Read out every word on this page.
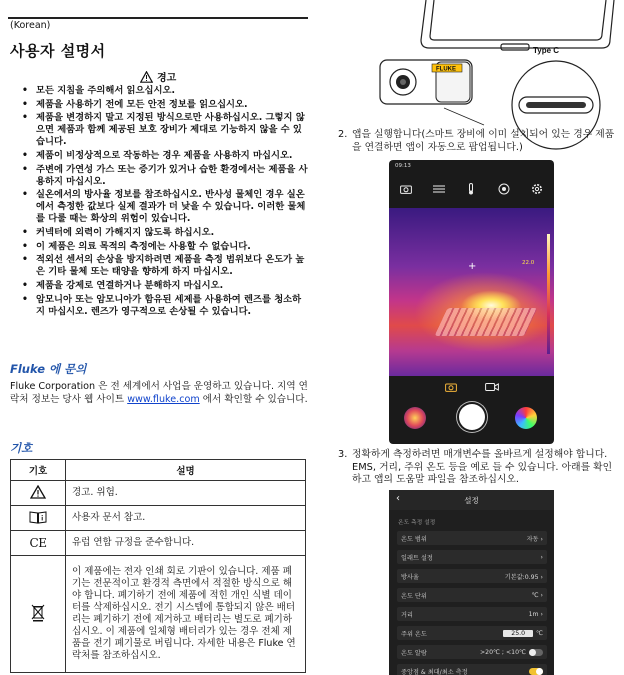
(Korean)
사용자 설명서
경고
• 모든 지침을 주의해서 읽으십시오.
• 제품을 사용하기 전에 모든 안전 정보를 읽으십시오.
• 제품을 변경하지 말고 지정된 방식으로만 사용하십시오. 그렇지 않으면 제품과 함께 제공된 보호 장비가 제대로 기능하지 않을 수 있습니다.
• 제품이 비정상적으로 작동하는 경우 제품을 사용하지 마십시오.
• 주변에 가연성 가스 또는 증기가 있거나 습한 환경에서는 제품을 사용하지 마십시오.
• 실온에서의 방사율 정보를 참조하십시오. 반사성 물체인 경우 실온에서 측정한 값보다 실제 결과가 더 낮을 수 있습니다. 이러한 물체를 다룰 때는 화상의 위험이 있습니다.
• 커넥터에 외력이 가해지지 않도록 하십시오.
• 이 제품은 의료 목적의 측정에는 사용할 수 없습니다.
• 적외선 센서의 손상을 방지하려면 제품을 측정 범위보다 온도가 높은 기타 물체 또는 태양을 향하게 하지 마십시오.
• 제품을 강제로 연결하거나 분해하지 마십시오.
• 암모니아 또는 암모니아가 함유된 세제를 사용하여 렌즈를 청소하지 마십시오. 렌즈가 영구적으로 손상될 수 있습니다.
Fluke 에 문의
Fluke Corporation 은 전 세계에서 사업을 운영하고 있습니다. 지역 연락처 정보는 당사 웹 사이트 www.fluke.com 에서 확인할 수 있습니다.
기호
기호	설명
	경고. 위험.
	사용자 문서 참고.
CE	유럽 연합 규정을 준수합니다.
	이 제품에는 전자 인쇄 회로 기판이 있습니다. 제품 폐기는 전문적이고 환경적 측면에서 적절한 방식으로 해야 합니다. 폐기하기 전에 제품에 적힌 개인 식별 데이터를 삭제하십시오. 전기 시스템에 통합되지 않은 배터리는 폐기하기 전에 제거하고 배터리는 별도로 폐기하십시오. 이 제품에 일체형 배터리가 있는 경우 전체 제품을 전기 폐기물로 버립니다. 자세한 내용은 Fluke 연락처를 참조하십시오.
FLUKE
Type C
2. 앱을 실행합니다(스마트 장비에 이미 설치되어 있는 경우 제품을 연결하면 앱이 자동으로 팝업됩니다.)
09:13
+	22.0
3. 정확하게 측정하려면 매개변수를 올바르게 설정해야 합니다. EMS, 거리, 주위 온도 등을 예로 들 수 있습니다. 아래를 확인하고 앱의 도움말 파일을 참조하십시오.
‹	설정
온도 측정 설정
온도 범위	자동 ›
일래트 설정	›
방사율	기본값:0.95 ›
온도 단위	℃ ›
거리	1m ›
주위 온도	25.0	℃
온도 알람	>20℃ ; <10℃
중앙점 & 최대/최소 측정
